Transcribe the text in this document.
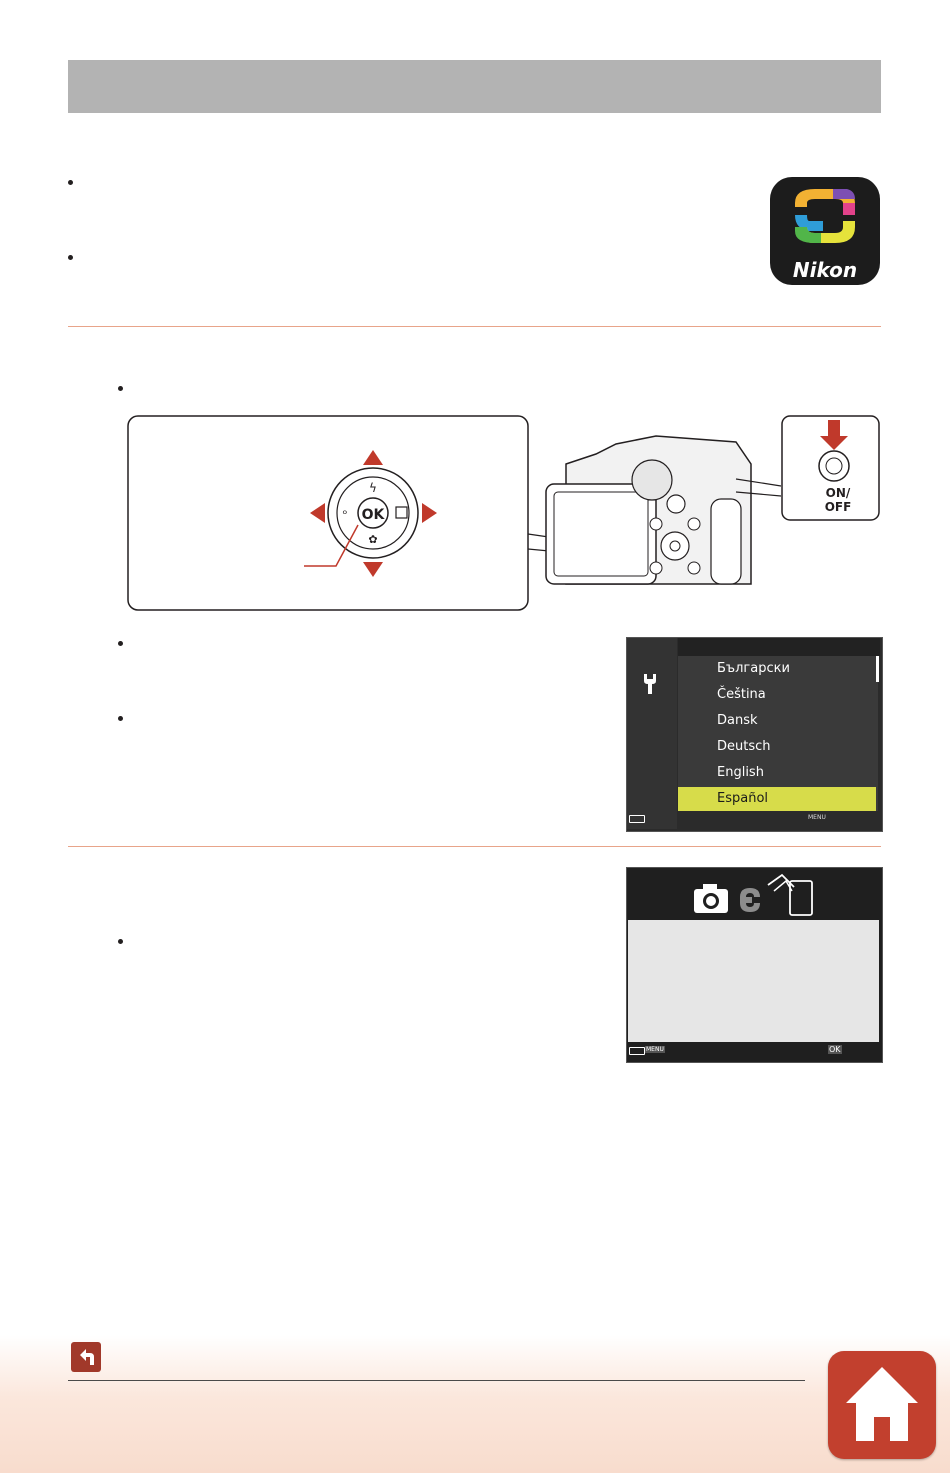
Nikon
OK
ϟ
ᵒ
✿
ON/
OFF
Български
Čeština
Dansk
Deutsch
English
Español
MENU
MENU	OK
